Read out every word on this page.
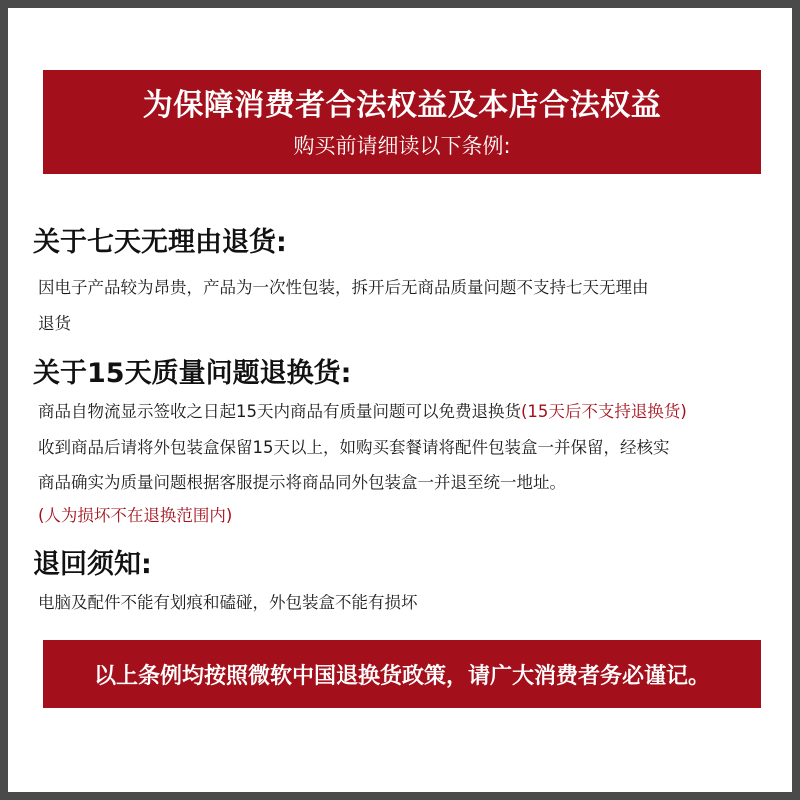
为保障消费者合法权益及本店合法权益
购买前请细读以下条例:
关于七天无理由退货:
因电子产品较为昂贵，产品为一次性包装，拆开后无商品质量问题不支持七天无理由
退货
关于15天质量问题退换货:
商品自物流显示签收之日起15天内商品有质量问题可以免费退换货(15天后不支持退换货)
收到商品后请将外包装盒保留15天以上，如购买套餐请将配件包装盒一并保留，经核实
商品确实为质量问题根据客服提示将商品同外包装盒一并退至统一地址。
(人为损坏不在退换范围内)
退回须知:
电脑及配件不能有划痕和磕碰，外包装盒不能有损坏
以上条例均按照微软中国退换货政策，请广大消费者务必谨记。
